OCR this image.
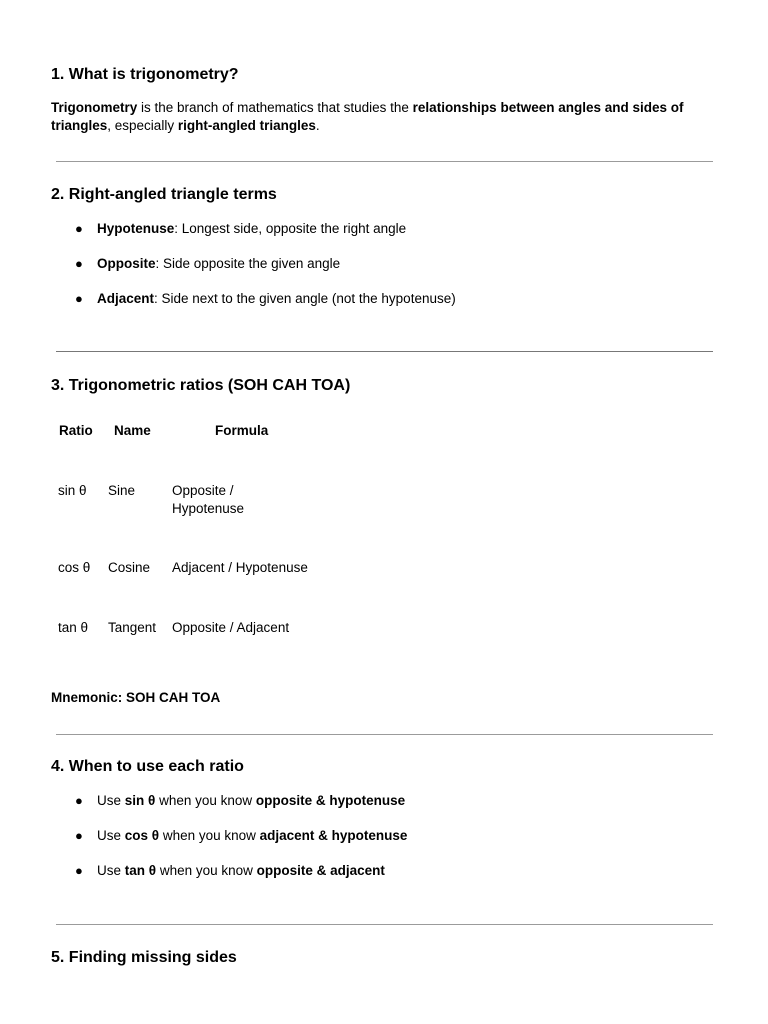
1. What is trigonometry?

Trigonometry is the branch of mathematics that studies the relationships between angles and sides of triangles, especially right-angled triangles.

2. Right-angled triangle terms
● Hypotenuse: Longest side, opposite the right angle
● Opposite: Side opposite the given angle
● Adjacent: Side next to the given angle (not the hypotenuse)
3. Trigonometric ratios (SOH CAH TOA)

Ratio Name	Formula

sin θ Sine	Opposite / Hypotenuse

cos θ Cosine	Adjacent / Hypotenuse

tan θ Tangent Opposite / Adjacent

Mnemonic: SOH CAH TOA

4. When to use each ratio
● Use sin θ when you know opposite & hypotenuse
● Use cos θ when you know adjacent & hypotenuse
● Use tan θ when you know opposite & adjacent
5. Finding missing sides
